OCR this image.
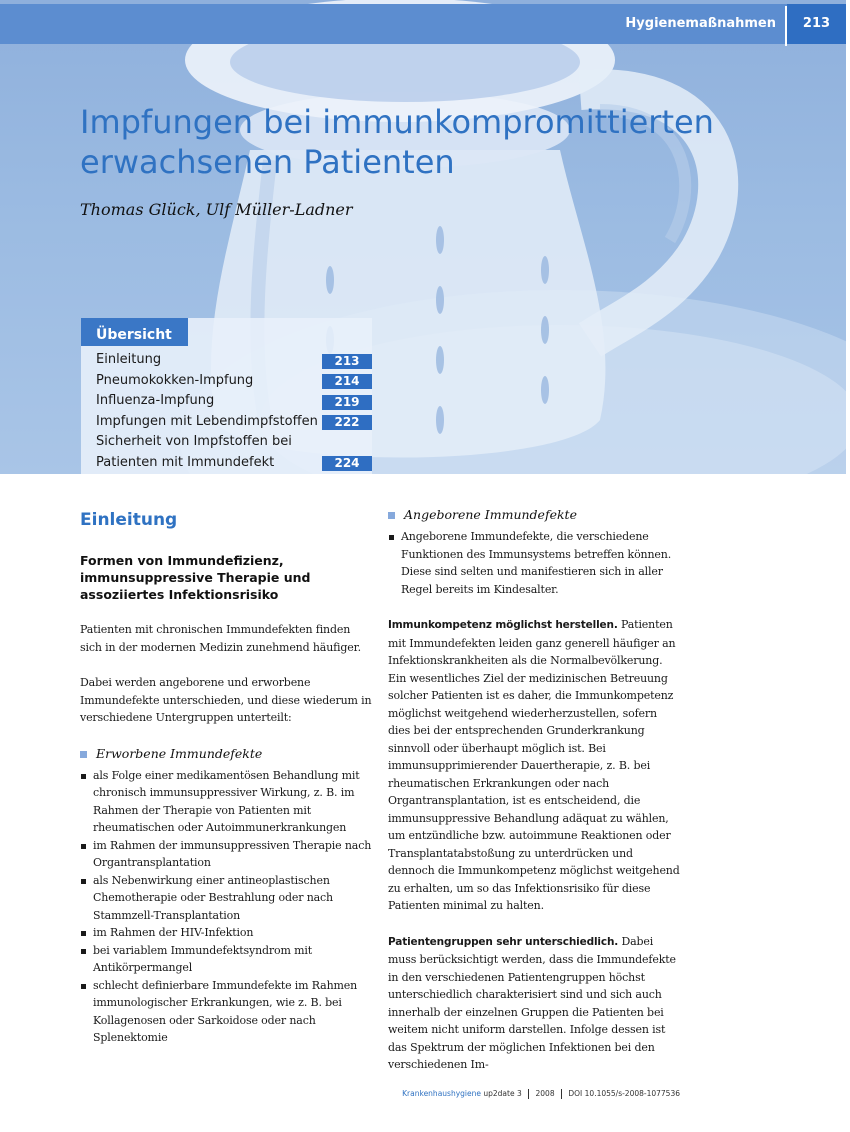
Hygienemaßnahmen	213
Impfungen bei immunkompromittierten
erwachsenen Patienten

Thomas Glück, Ulf Müller-Ladner

Übersicht
Einleitung	213
Pneumokokken-Impfung	214
Influenza-Impfung	219
Impfungen mit Lebendimpfstoffen	222
Sicherheit von Impfstoffen bei
Patienten mit Immundefekt	224
Einleitung
Formen von Immundefizienz, immunsuppressive Therapie und assoziiertes Infektionsrisiko

Patienten mit chronischen Immundefekten finden sich in der modernen Medizin zunehmend häufiger.

Dabei werden angeborene und erworbene Immundefekte unterschieden, und diese wiederum in verschiedene Untergruppen unterteilt:

Erworbene Immundefekte
als Folge einer medikamentösen Behandlung mit chronisch immunsuppressiver Wirkung, z. B. im Rahmen der Therapie von Patienten mit rheumatischen oder Autoimmunerkrankungen
im Rahmen der immunsuppressiven Therapie nach Organtransplantation
als Nebenwirkung einer antineoplastischen Chemotherapie oder Bestrahlung oder nach Stammzell-Transplantation
im Rahmen der HIV-Infektion
bei variablem Immundefektsyndrom mit Antikörpermangel
schlecht definierbare Immundefekte im Rahmen immunologischer Erkrankungen, wie z. B. bei Kollagenosen oder Sarkoidose oder nach Splenektomie
Angeborene Immundefekte
Angeborene Immundefekte, die verschiedene Funktionen des Immunsystems betreffen können. Diese sind selten und manifestieren sich in aller Regel bereits im Kindesalter.

Immunkompetenz möglichst herstellen. Patienten mit Immundefekten leiden ganz generell häufiger an Infektionskrankheiten als die Normalbevölkerung. Ein wesentliches Ziel der medizinischen Betreuung solcher Patienten ist es daher, die Immunkompetenz möglichst weitgehend wiederherzustellen, sofern dies bei der entsprechenden Grunderkrankung sinnvoll oder überhaupt möglich ist. Bei immunsupprimierender Dauertherapie, z. B. bei rheumatischen Erkrankungen oder nach Organtransplantation, ist es entscheidend, die immunsuppressive Behandlung adäquat zu wählen, um entzündliche bzw. autoimmune Reaktionen oder Transplantatabstoßung zu unterdrücken und dennoch die Immunkompetenz möglichst weitgehend zu erhalten, um so das Infektionsrisiko für diese Patienten minimal zu halten.

Patientengruppen sehr unterschiedlich. Dabei muss berücksichtigt werden, dass die Immundefekte in den verschiedenen Patientengruppen höchst unterschiedlich charakterisiert sind und sich auch innerhalb der einzelnen Gruppen die Patienten bei weitem nicht uniform darstellen. Infolge dessen ist das Spektrum der möglichen Infektionen bei den verschiedenen Im-

Krankenhaushygiene up2date 3 2008 DOI 10.1055/s-2008-1077536
